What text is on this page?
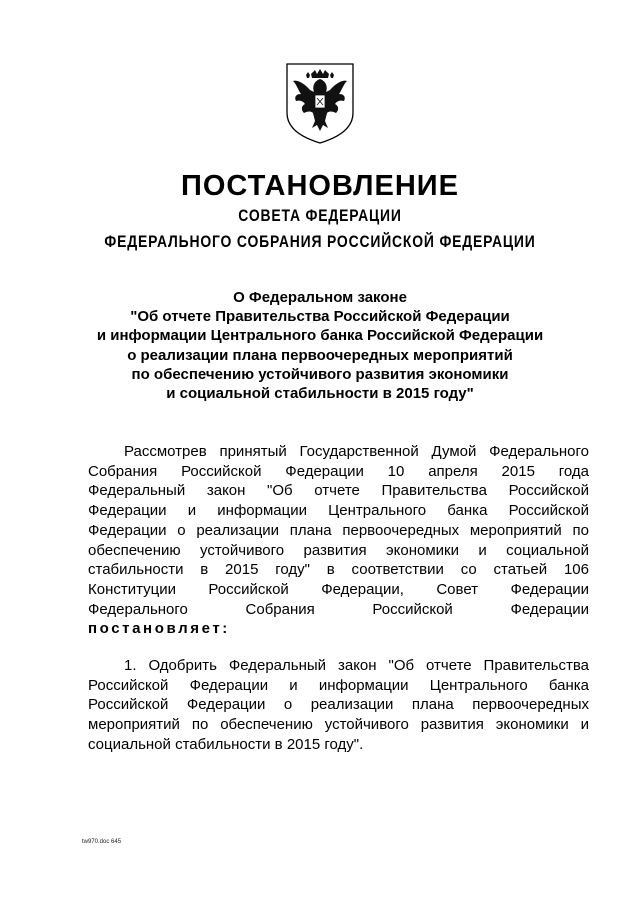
ПОСТАНОВЛЕНИЕ
СОВЕТА ФЕДЕРАЦИИ
ФЕДЕРАЛЬНОГО СОБРАНИЯ РОССИЙСКОЙ ФЕДЕРАЦИИ
О Федеральном законе
"Об отчете Правительства Российской Федерации
и информации Центрального банка Российской Федерации
о реализации плана первоочередных мероприятий
по обеспечению устойчивого развития экономики
и социальной стабильности в 2015 году"
Рассмотрев принятый Государственной Думой Федерального
Собрания Российской Федерации 10 апреля 2015 года
Федеральный закон "Об отчете Правительства Российской
Федерации и информации Центрального банка Российской
Федерации о реализации плана первоочередных мероприятий по
обеспечению устойчивого развития экономики и социальной
стабильности в 2015 году" в соответствии со статьей 106
Конституции Российской Федерации, Совет Федерации
Федерального Собрания Российской Федерации
постановляет:
1. Одобрить Федеральный закон "Об отчете Правительства
Российской Федерации и информации Центрального банка
Российской Федерации о реализации плана первоочередных
мероприятий по обеспечению устойчивого развития экономики и
социальной стабильности в 2015 году".
tw970.doc 645
